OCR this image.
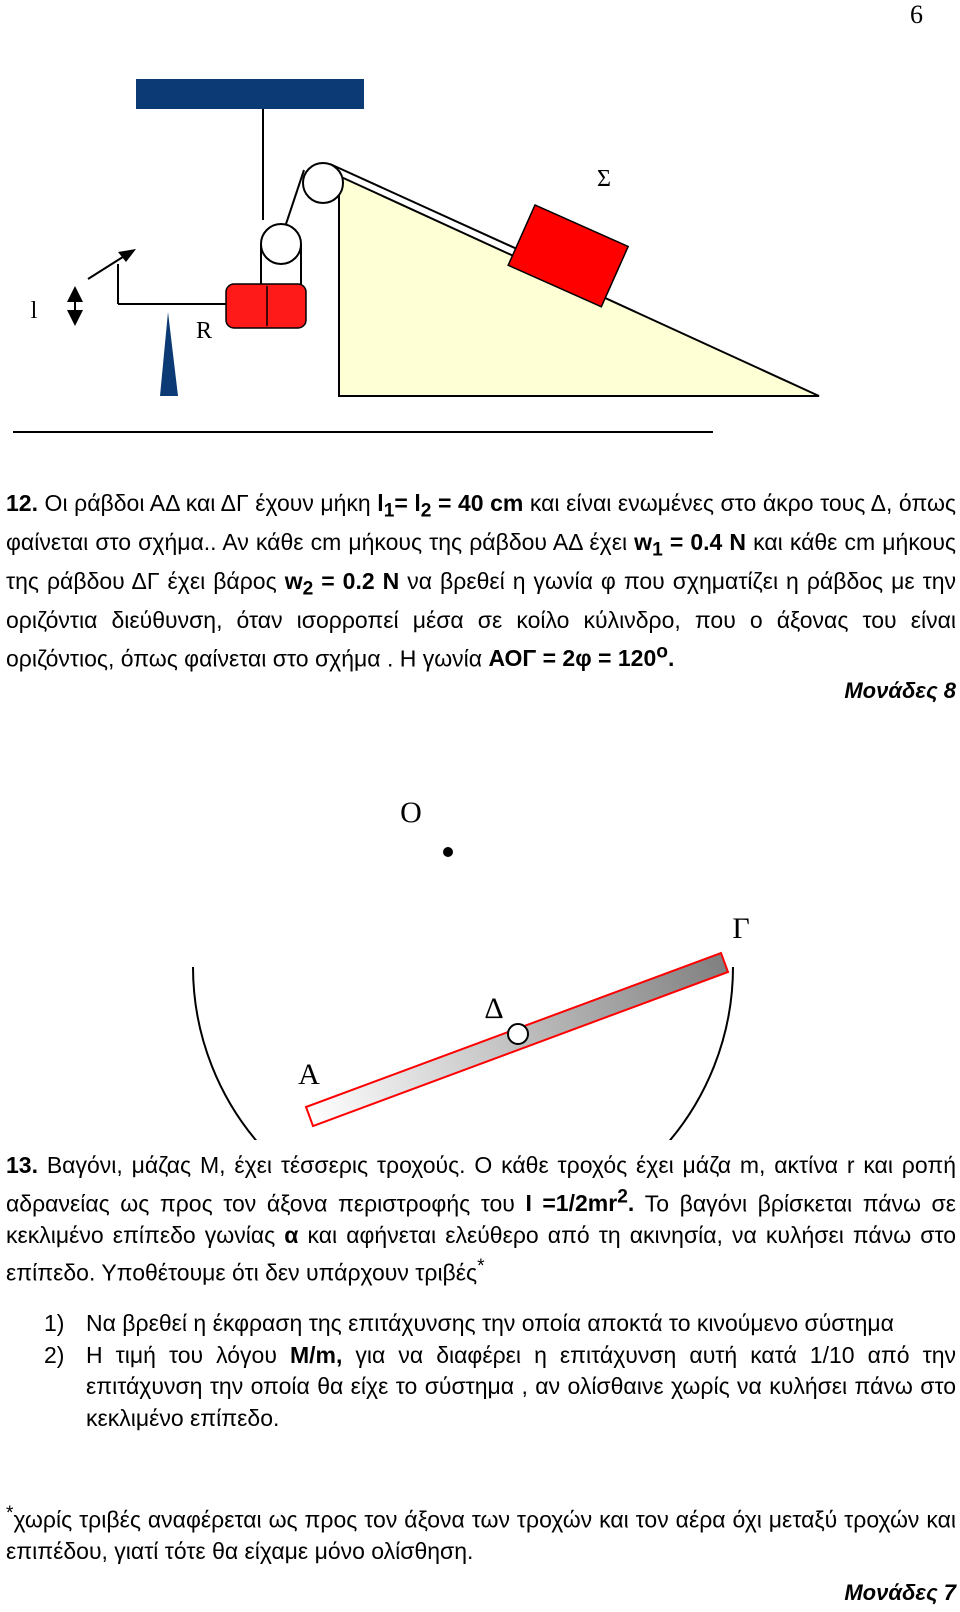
6
Σ
l
R
12. Οι ράβδοι ΑΔ και ΔΓ έχουν μήκη $l_1= l_2 = 40$ cm και είναι ενωμένες στο άκρο τους Δ, όπως φαίνεται στο σχήμα.. Αν κάθε cm μήκους της ράβδου ΑΔ έχει $w_1 = 0.4$ N και κάθε cm μήκους της ράβδου ΔΓ έχει βάρος $w_2 = 0.2$ N να βρεθεί η γωνία φ που σχηματίζει η ράβδος με την οριζόντια διεύθυνση, όταν ισορροπεί μέσα σε κοίλο κύλινδρο, που ο άξονας του είναι οριζόντιος, όπως φαίνεται στο σχήμα . Η γωνία $AO\Gamma = 2\varphi = 120^o$.
Μονάδες 8
Ο
Γ
Δ
Α
13. Βαγόνι, μάζας Μ, έχει τέσσερις τροχούς. Ο κάθε τροχός έχει μάζα m, ακτίνα r και ροπή αδρανείας ως προς τον άξονα περιστροφής του $I =1/2mr^2$. Το βαγόνι βρίσκεται πάνω σε κεκλιμένο επίπεδο γωνίας α και αφήνεται ελεύθερο από τη ακινησία, να κυλήσει πάνω στο επίπεδο. Υποθέτουμε ότι δεν υπάρχουν τριβές*
1) Να βρεθεί η έκφραση της επιτάχυνσης την οποία αποκτά το κινούμενο σύστημα
2) Η τιμή του λόγου M/m, για να διαφέρει η επιτάχυνση αυτή κατά 1/10 από την επιτάχυνση την οποία θα είχε το σύστημα , αν ολίσθαινε χωρίς να κυλήσει πάνω στο κεκλιμένο επίπεδο.
*χωρίς τριβές αναφέρεται ως προς τον άξονα των τροχών και τον αέρα όχι μεταξύ τροχών και επιπέδου, γιατί τότε θα είχαμε μόνο ολίσθηση.
Μονάδες 7
